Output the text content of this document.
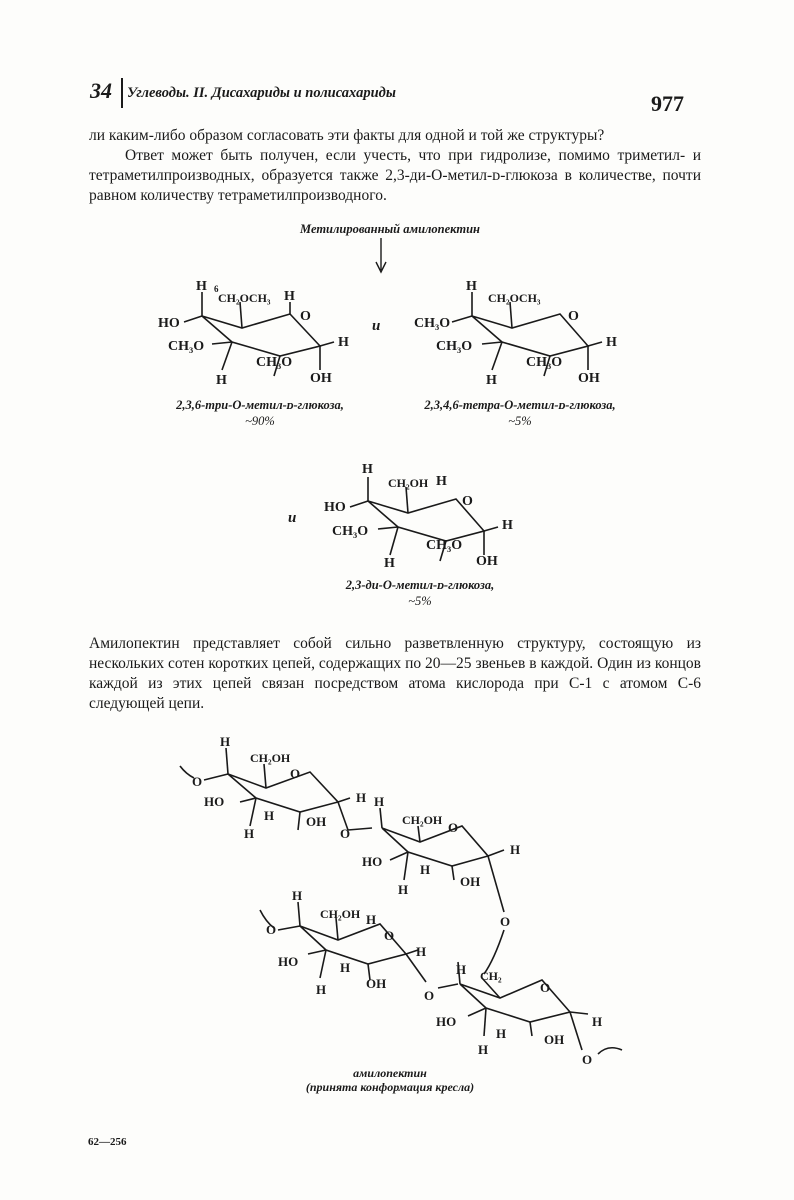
34 Углеводы. II. Дисахариды и полисахариды	977
ли каким-либо образом согласовать эти факты для одной и той же структуры?
Ответ может быть получен, если учесть, что при гидролизе, помимо триметил- и тетраметилпроизводных, образуется также 2,3-ди-О-метил-ᴅ-глюкоза в количестве, почти равном количеству тетраметилпроизводного.
Метилированный амилопектин
H
HO
CH₃O
H
CH₂OCH₃ H
O
CH₃O
H
OH
6
и
2,3,6-три-О-метил-ᴅ-глюкоза,
~90%
H
CH₃O
CH₃O
H
CH₂OCH₃
O
CH₃O
H
OH
2,3,4,6-тетра-О-метил-ᴅ-глюкоза,
~5%
и
H
HO
CH₃O
H
CH₂OH H
O
CH₃O
H
OH
2,3-ди-О-метил-ᴅ-глюкоза,
~5%
Амилопектин представляет собой сильно разветвленную структуру, состоящую из нескольких сотен коротких цепей, содержащих по 20—25 звеньев в каждой. Один из концов каждой из этих цепей связан посредством атома кислорода при С-1 с атомом С-6 следующей цепи.
H
O
CH₂OH
O
HO
H
OH
H
H
O
H
CH₂OH O
HO
H
H
OH
H
O
H
O
CH₂OH H
O
HO	H
H	OH
H
O
H CH₂
O
HO
H
H
OH
H
O
амилопектин
(принята конформация кресла)
62—256
